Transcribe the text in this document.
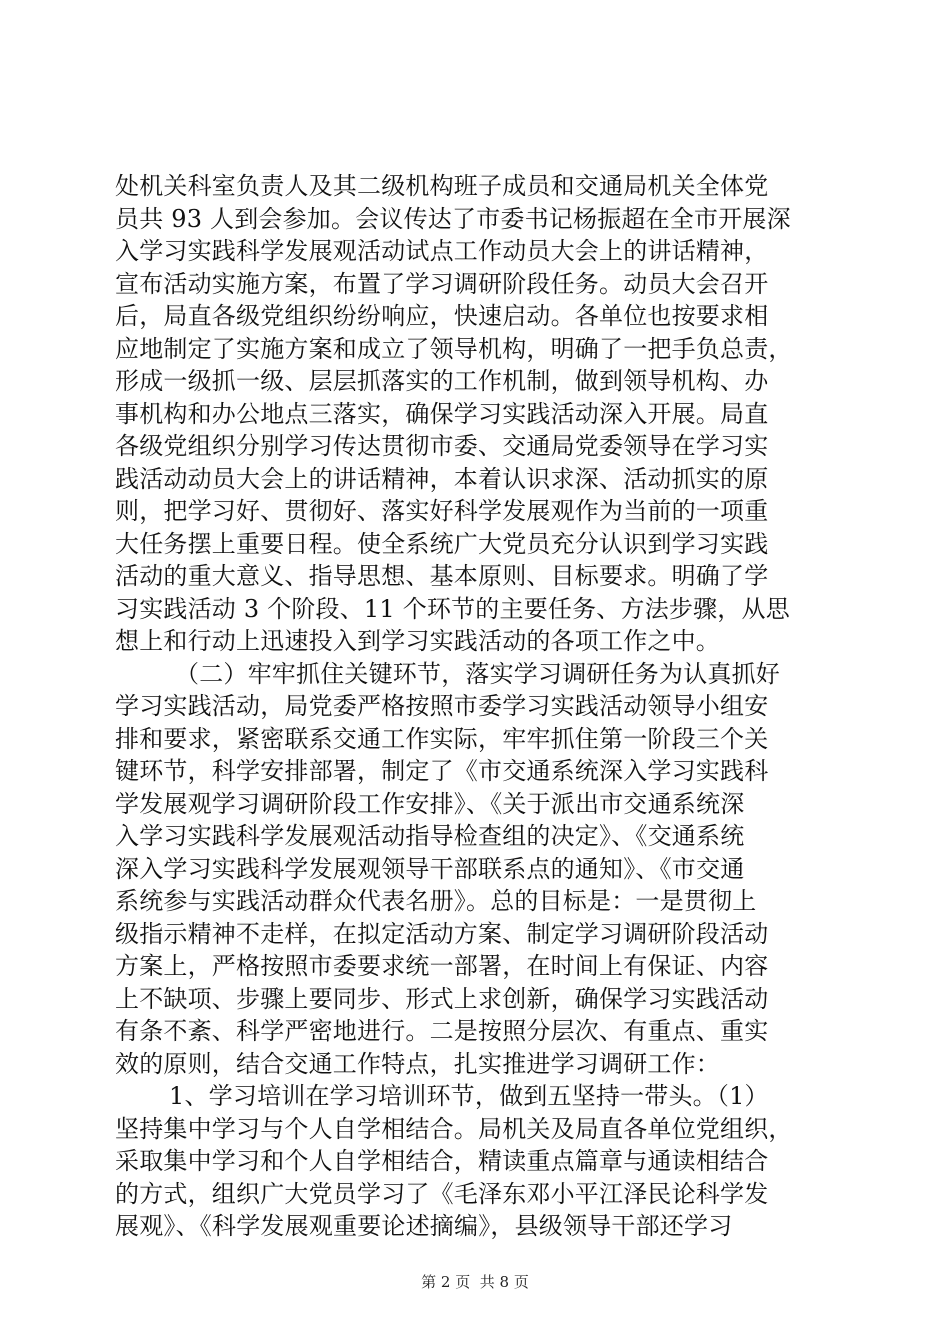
处机关科室负责人及其二级机构班子成员和交通局机关全体党
员共 93 人到会参加。会议传达了市委书记杨振超在全市开展深
入学习实践科学发展观活动试点工作动员大会上的讲话精神，
宣布活动实施方案，布置了学习调研阶段任务。动员大会召开
后，局直各级党组织纷纷响应，快速启动。各单位也按要求相
应地制定了实施方案和成立了领导机构，明确了一把手负总责，
形成一级抓一级、层层抓落实的工作机制，做到领导机构、办
事机构和办公地点三落实，确保学习实践活动深入开展。局直
各级党组织分别学习传达贯彻市委、交通局党委领导在学习实
践活动动员大会上的讲话精神，本着认识求深、活动抓实的原
则，把学习好、贯彻好、落实好科学发展观作为当前的一项重
大任务摆上重要日程。使全系统广大党员充分认识到学习实践
活动的重大意义、指导思想、基本原则、目标要求。明确了学
习实践活动 3 个阶段、11 个环节的主要任务、方法步骤，从思
想上和行动上迅速投入到学习实践活动的各项工作之中。
（二）牢牢抓住关键环节，落实学习调研任务为认真抓好
学习实践活动，局党委严格按照市委学习实践活动领导小组安
排和要求，紧密联系交通工作实际，牢牢抓住第一阶段三个关
键环节，科学安排部署，制定了《市交通系统深入学习实践科
学发展观学习调研阶段工作安排》、《关于派出市交通系统深
入学习实践科学发展观活动指导检查组的决定》、《交通系统
深入学习实践科学发展观领导干部联系点的通知》、《市交通
系统参与实践活动群众代表名册》。总的目标是：一是贯彻上
级指示精神不走样，在拟定活动方案、制定学习调研阶段活动
方案上，严格按照市委要求统一部署，在时间上有保证、内容
上不缺项、步骤上要同步、形式上求创新，确保学习实践活动
有条不紊、科学严密地进行。二是按照分层次、有重点、重实
效的原则，结合交通工作特点，扎实推进学习调研工作：
1、学习培训在学习培训环节，做到五坚持一带头。（1）
坚持集中学习与个人自学相结合。局机关及局直各单位党组织，
采取集中学习和个人自学相结合，精读重点篇章与通读相结合
的方式，组织广大党员学习了《毛泽东邓小平江泽民论科学发
展观》、《科学发展观重要论述摘编》，县级领导干部还学习
第 2 页  共 8 页
